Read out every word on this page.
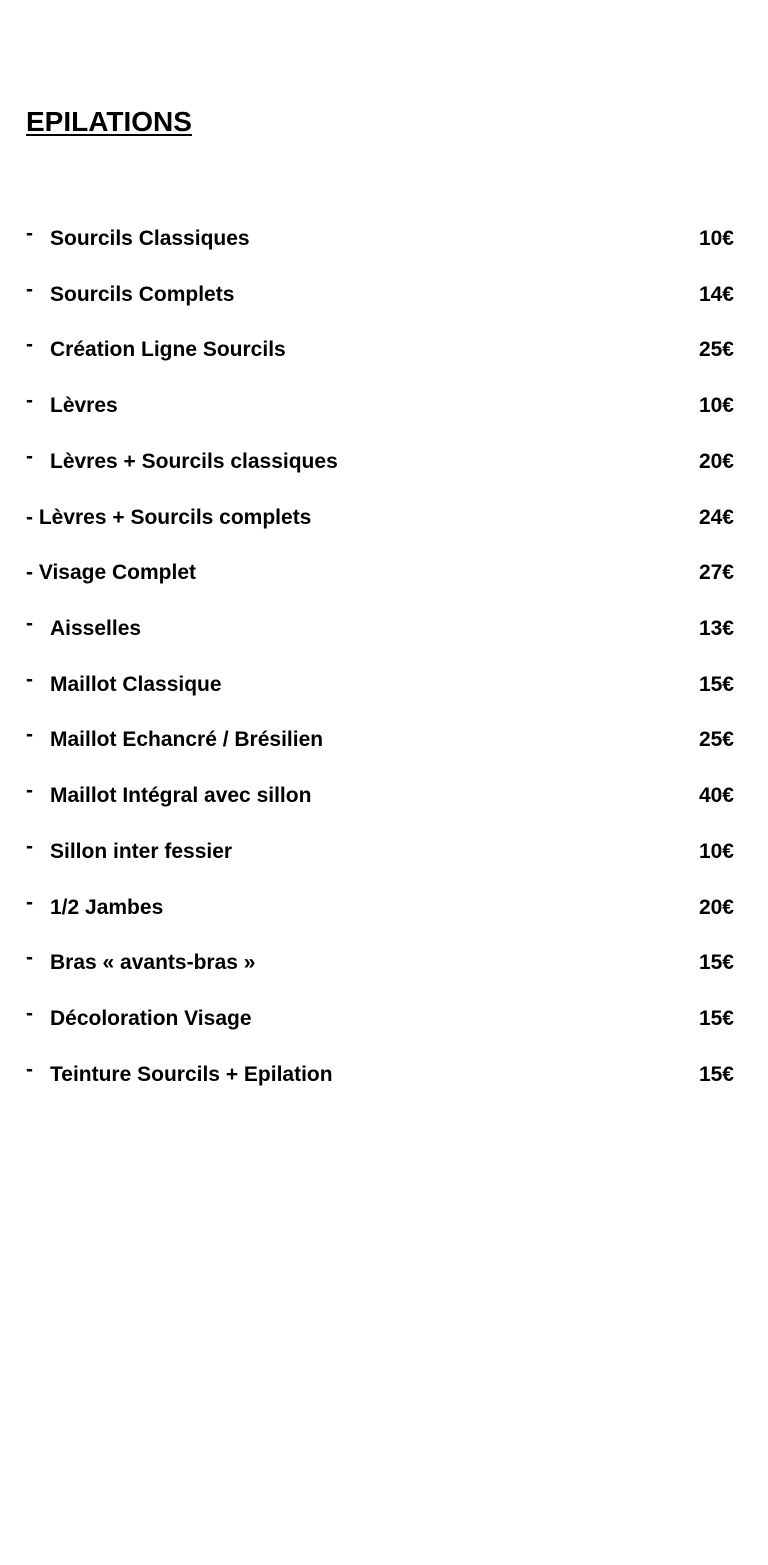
EPILATIONS
- Sourcils Classiques	10€
- Sourcils Complets	14€
- Création Ligne Sourcils	25€
- Lèvres	10€
- Lèvres + Sourcils classiques	20€
- Lèvres + Sourcils complets	24€
- Visage Complet	27€
- Aisselles	13€
- Maillot Classique	15€
- Maillot Echancré / Brésilien	25€
- Maillot Intégral avec sillon	40€
- Sillon inter fessier	10€
- 1/2 Jambes	20€
- Bras « avants-bras »	15€
- Décoloration Visage	15€
- Teinture Sourcils + Epilation	15€
